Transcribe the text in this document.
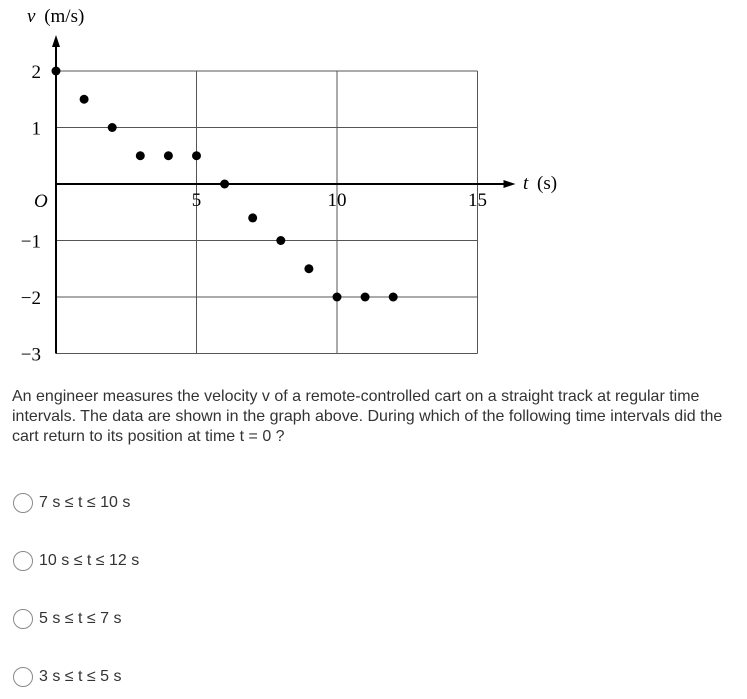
5	10	15
2
1
−1
−2
−3
v (m/s)
t (s)
O
An engineer measures the velocity v of a remote-controlled cart on a straight track at regular time intervals. The data are shown in the graph above. During which of the following time intervals did the cart return to its position at time t = 0 ?
7 s ≤ t ≤ 10 s
10 s ≤ t ≤ 12 s
5 s ≤ t ≤ 7 s
3 s ≤ t ≤ 5 s
